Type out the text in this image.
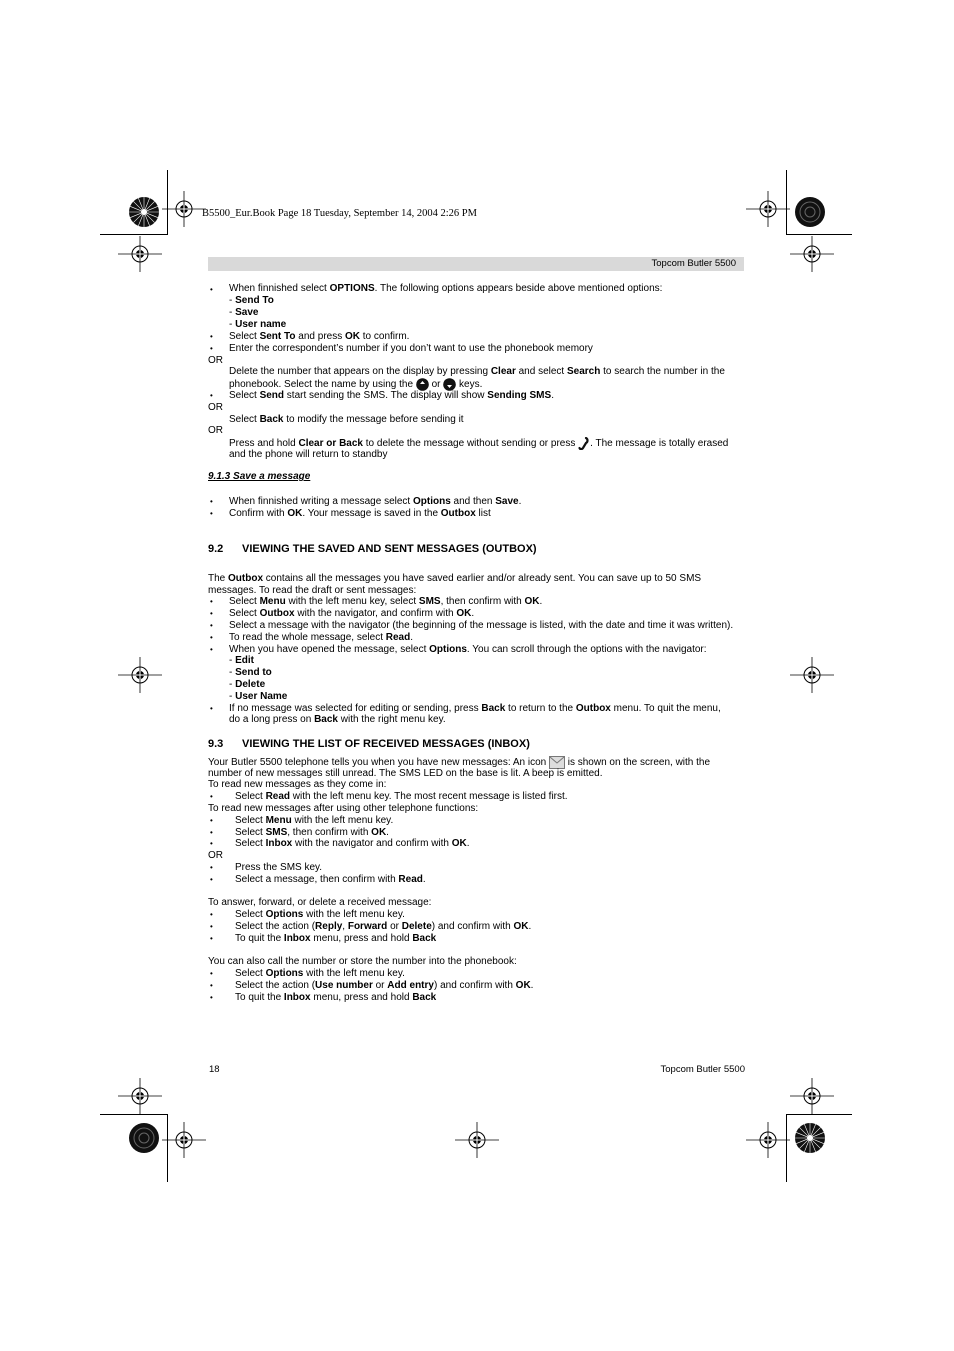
B5500_Eur.Book Page 18 Tuesday, September 14, 2004 2:26 PM
Topcom Butler 5500
• When finnished select OPTIONS. The following options appears beside above mentioned options:
- Send To
- Save
- User name
• Select Sent To and press OK to confirm.
• Enter the correspondent’s number if you don’t want to use the phonebook memory
OR
Delete the number that appears on the display by pressing Clear and select Search to search the number in the
phonebook. Select the name by using the  or  keys.
• Select Send start sending the SMS. The display will show Sending SMS.
OR
Select Back to modify the message before sending it
OR
Press and hold Clear or Back to delete the message without sending or press . The message is totally erased
and the phone will return to standby
9.1.3 Save a message
• When finnished writing a message select Options and then Save.
• Confirm with OK. Your message is saved in the Outbox list
9.2 VIEWING THE SAVED AND SENT MESSAGES (OUTBOX)
The Outbox contains all the messages you have saved earlier and/or already sent. You can save up to 50 SMS
messages. To read the draft or sent messages:
• Select Menu with the left menu key, select SMS, then confirm with OK.
• Select Outbox with the navigator, and confirm with OK.
• Select a message with the navigator (the beginning of the message is listed, with the date and time it was written).
• To read the whole message, select Read.
• When you have opened the message, select Options. You can scroll through the options with the navigator:
- Edit
- Send to
- Delete
- User Name
• If no message was selected for editing or sending, press Back to return to the Outbox menu. To quit the menu,
do a long press on Back with the right menu key.
9.3 VIEWING THE LIST OF RECEIVED MESSAGES (INBOX)
Your Butler 5500 telephone tells you when you have new messages: An icon  is shown on the screen, with the
number of new messages still unread. The SMS LED on the base is lit. A beep is emitted.
To read new messages as they come in:
• Select Read with the left menu key. The most recent message is listed first.
To read new messages after using other telephone functions:
• Select Menu with the left menu key.
• Select SMS, then confirm with OK.
• Select Inbox with the navigator and confirm with OK.
OR
• Press the SMS key.
• Select a message, then confirm with Read.
To answer, forward, or delete a received message:
• Select Options with the left menu key.
• Select the action (Reply, Forward or Delete) and confirm with OK.
• To quit the Inbox menu, press and hold Back
You can also call the number or store the number into the phonebook:
• Select Options with the left menu key.
• Select the action (Use number or Add entry) and confirm with OK.
• To quit the Inbox menu, press and hold Back
18	Topcom Butler 5500
